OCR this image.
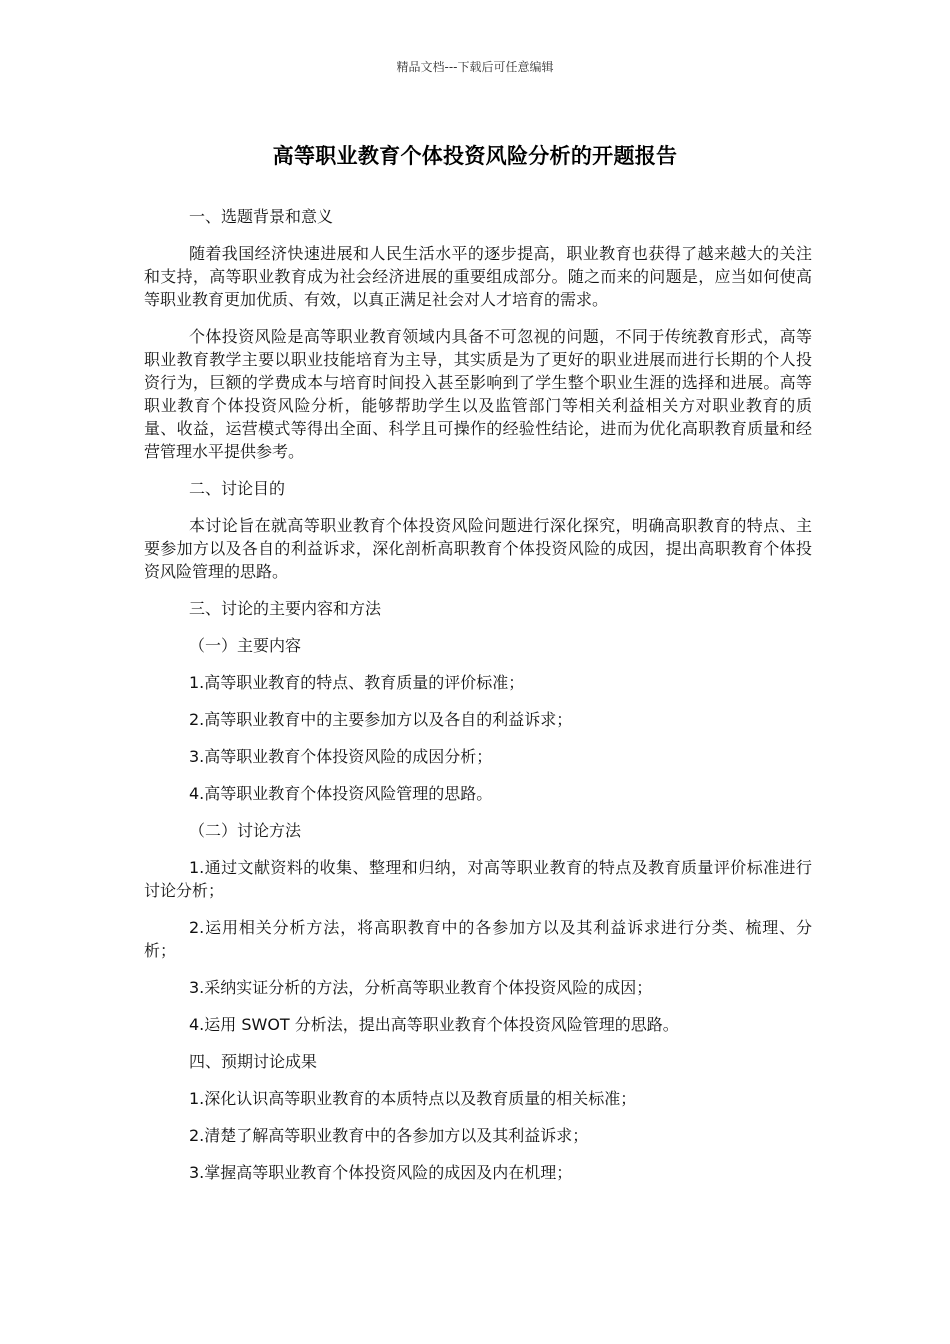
精品文档---下载后可任意编辑
高等职业教育个体投资风险分析的开题报告

一、选题背景和意义

随着我国经济快速进展和人民生活水平的逐步提高，职业教育也获得了越来越大的关注和支持，高等职业教育成为社会经济进展的重要组成部分。随之而来的问题是，应当如何使高等职业教育更加优质、有效，以真正满足社会对人才培育的需求。

个体投资风险是高等职业教育领域内具备不可忽视的问题，不同于传统教育形式，高等职业教育教学主要以职业技能培育为主导，其实质是为了更好的职业进展而进行长期的个人投资行为，巨额的学费成本与培育时间投入甚至影响到了学生整个职业生涯的选择和进展。高等职业教育个体投资风险分析，能够帮助学生以及监管部门等相关利益相关方对职业教育的质量、收益，运营模式等得出全面、科学且可操作的经验性结论，进而为优化高职教育质量和经营管理水平提供参考。

二、讨论目的

本讨论旨在就高等职业教育个体投资风险问题进行深化探究，明确高职教育的特点、主要参加方以及各自的利益诉求，深化剖析高职教育个体投资风险的成因，提出高职教育个体投资风险管理的思路。

三、讨论的主要内容和方法

（一）主要内容

1.高等职业教育的特点、教育质量的评价标准；

2.高等职业教育中的主要参加方以及各自的利益诉求；

3.高等职业教育个体投资风险的成因分析；

4.高等职业教育个体投资风险管理的思路。

（二）讨论方法

1.通过文献资料的收集、整理和归纳，对高等职业教育的特点及教育质量评价标准进行讨论分析；

2.运用相关分析方法，将高职教育中的各参加方以及其利益诉求进行分类、梳理、分析；

3.采纳实证分析的方法，分析高等职业教育个体投资风险的成因；

4.运用 SWOT 分析法，提出高等职业教育个体投资风险管理的思路。

四、预期讨论成果

1.深化认识高等职业教育的本质特点以及教育质量的相关标准；

2.清楚了解高等职业教育中的各参加方以及其利益诉求；

3.掌握高等职业教育个体投资风险的成因及内在机理；
